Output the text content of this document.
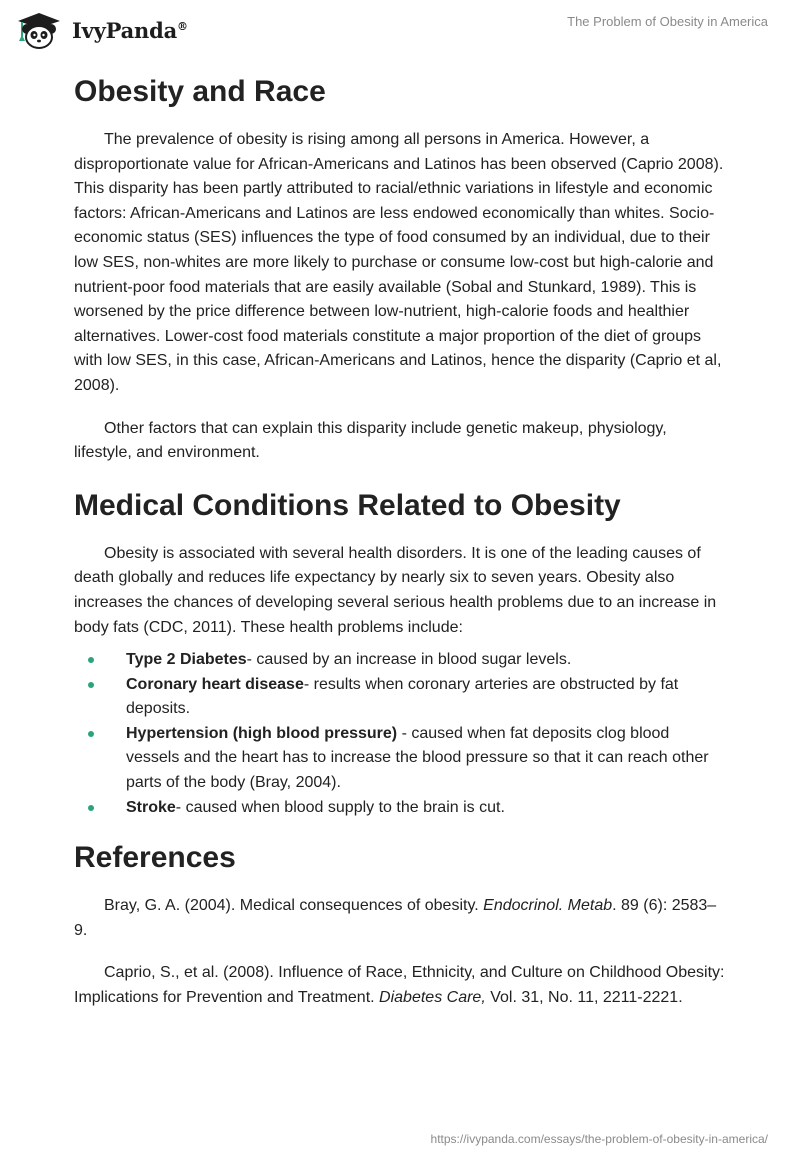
IvyPanda®	The Problem of Obesity in America
Obesity and Race

The prevalence of obesity is rising among all persons in America. However, a disproportionate value for African-Americans and Latinos has been observed (Caprio 2008). This disparity has been partly attributed to racial/ethnic variations in lifestyle and economic factors: African-Americans and Latinos are less endowed economically than whites. Socio-economic status (SES) influences the type of food consumed by an individual, due to their low SES, non-whites are more likely to purchase or consume low-cost but high-calorie and nutrient-poor food materials that are easily available (Sobal and Stunkard, 1989). This is worsened by the price difference between low-nutrient, high-calorie foods and healthier alternatives. Lower-cost food materials constitute a major proportion of the diet of groups with low SES, in this case, African-Americans and Latinos, hence the disparity (Caprio et al, 2008).

Other factors that can explain this disparity include genetic makeup, physiology, lifestyle, and environment.

Medical Conditions Related to Obesity

Obesity is associated with several health disorders. It is one of the leading causes of death globally and reduces life expectancy by nearly six to seven years. Obesity also increases the chances of developing several serious health problems due to an increase in body fats (CDC, 2011). These health problems include:

Type 2 Diabetes- caused by an increase in blood sugar levels.
Coronary heart disease- results when coronary arteries are obstructed by fat deposits.
Hypertension (high blood pressure) - caused when fat deposits clog blood vessels and the heart has to increase the blood pressure so that it can reach other parts of the body (Bray, 2004).
Stroke- caused when blood supply to the brain is cut.
References

Bray, G. A. (2004). Medical consequences of obesity. Endocrinol. Metab. 89 (6): 2583–9.

Caprio, S., et al. (2008). Influence of Race, Ethnicity, and Culture on Childhood Obesity: Implications for Prevention and Treatment. Diabetes Care, Vol. 31, No. 11, 2211-2221.

https://ivypanda.com/essays/the-problem-of-obesity-in-america/
